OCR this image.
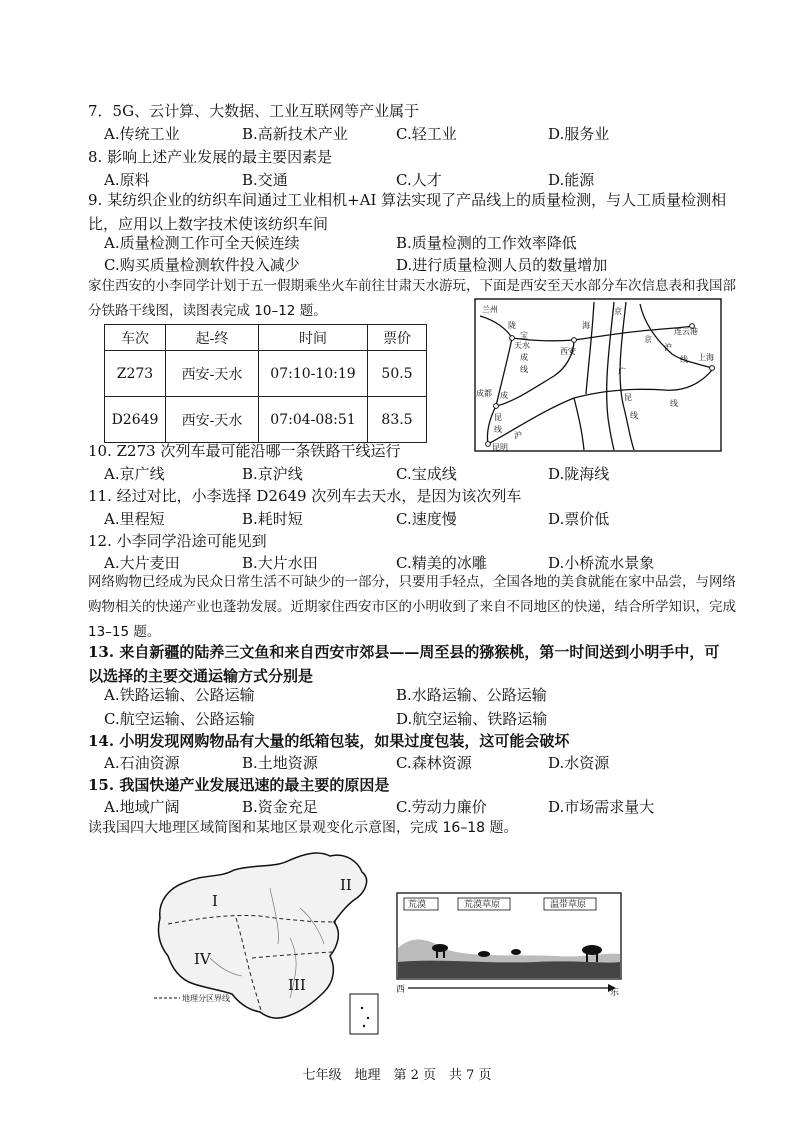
7．5G、云计算、大数据、工业互联网等产业属于
A.传统工业	B.高新技术产业	C.轻工业	D.服务业
8. 影响上述产业发展的最主要因素是
A.原料	B.交通	C.人才	D.能源
9. 某纺织企业的纺织车间通过工业相机+AI 算法实现了产品线上的质量检测，与人工质量检测相比，应用以上数字技术使该纺织车间
A.质量检测工作可全天候连续	B.质量检测的工作效率降低
C.购买质量检测软件投入减少	D.进行质量检测人员的数量增加
家住西安的小李同学计划于五一假期乘坐火车前往甘肃天水游玩，下面是西安至天水部分车次信息表和我国部分铁路干线图，读图表完成 10–12 题。
车次	起-终	时间	票价
Z273	西安-天水	07:10-10:19	50.5
D2649	西安-天水	07:04-08:51	83.5
兰州
陇
天水
宝
成
线
西安
海
京
连云港
沪
线 上海
成都 成
昆
线
沪
广
昆
线
京
昆明
线
10. Z273 次列车最可能沿哪一条铁路干线运行
A.京广线	B.京沪线	C.宝成线	D.陇海线
11. 经过对比，小李选择 D2649 次列车去天水，是因为该次列车
A.里程短	B.耗时短	C.速度慢	D.票价低
12. 小李同学沿途可能见到
A.大片麦田	B.大片水田	C.精美的冰雕	D.小桥流水景象
网络购物已经成为民众日常生活不可缺少的一部分，只要用手轻点，全国各地的美食就能在家中品尝，与网络购物相关的快递产业也蓬勃发展。近期家住西安市区的小明收到了来自不同地区的快递，结合所学知识，完成 13–15 题。
13. 来自新疆的陆养三文鱼和来自西安市郊县——周至县的猕猴桃，第一时间送到小明手中，可以选择的主要交通运输方式分别是
A.铁路运输、公路运输	B.水路运输、公路运输
C.航空运输、公路运输	D.航空运输、铁路运输
14. 小明发现网购物品有大量的纸箱包装，如果过度包装，这可能会破坏
A.石油资源	B.土地资源	C.森林资源	D.水资源
15. 我国快递产业发展迅速的最主要的原因是
A.地域广阔	B.资金充足	C.劳动力廉价	D.市场需求量大
读我国四大地理区域简图和某地区景观变化示意图，完成 16–18 题。
I
II
III
IV
地理分区界线
荒漠	荒漠草原	温带草原
西	东
七年级　地理　第 2 页　共 7 页
